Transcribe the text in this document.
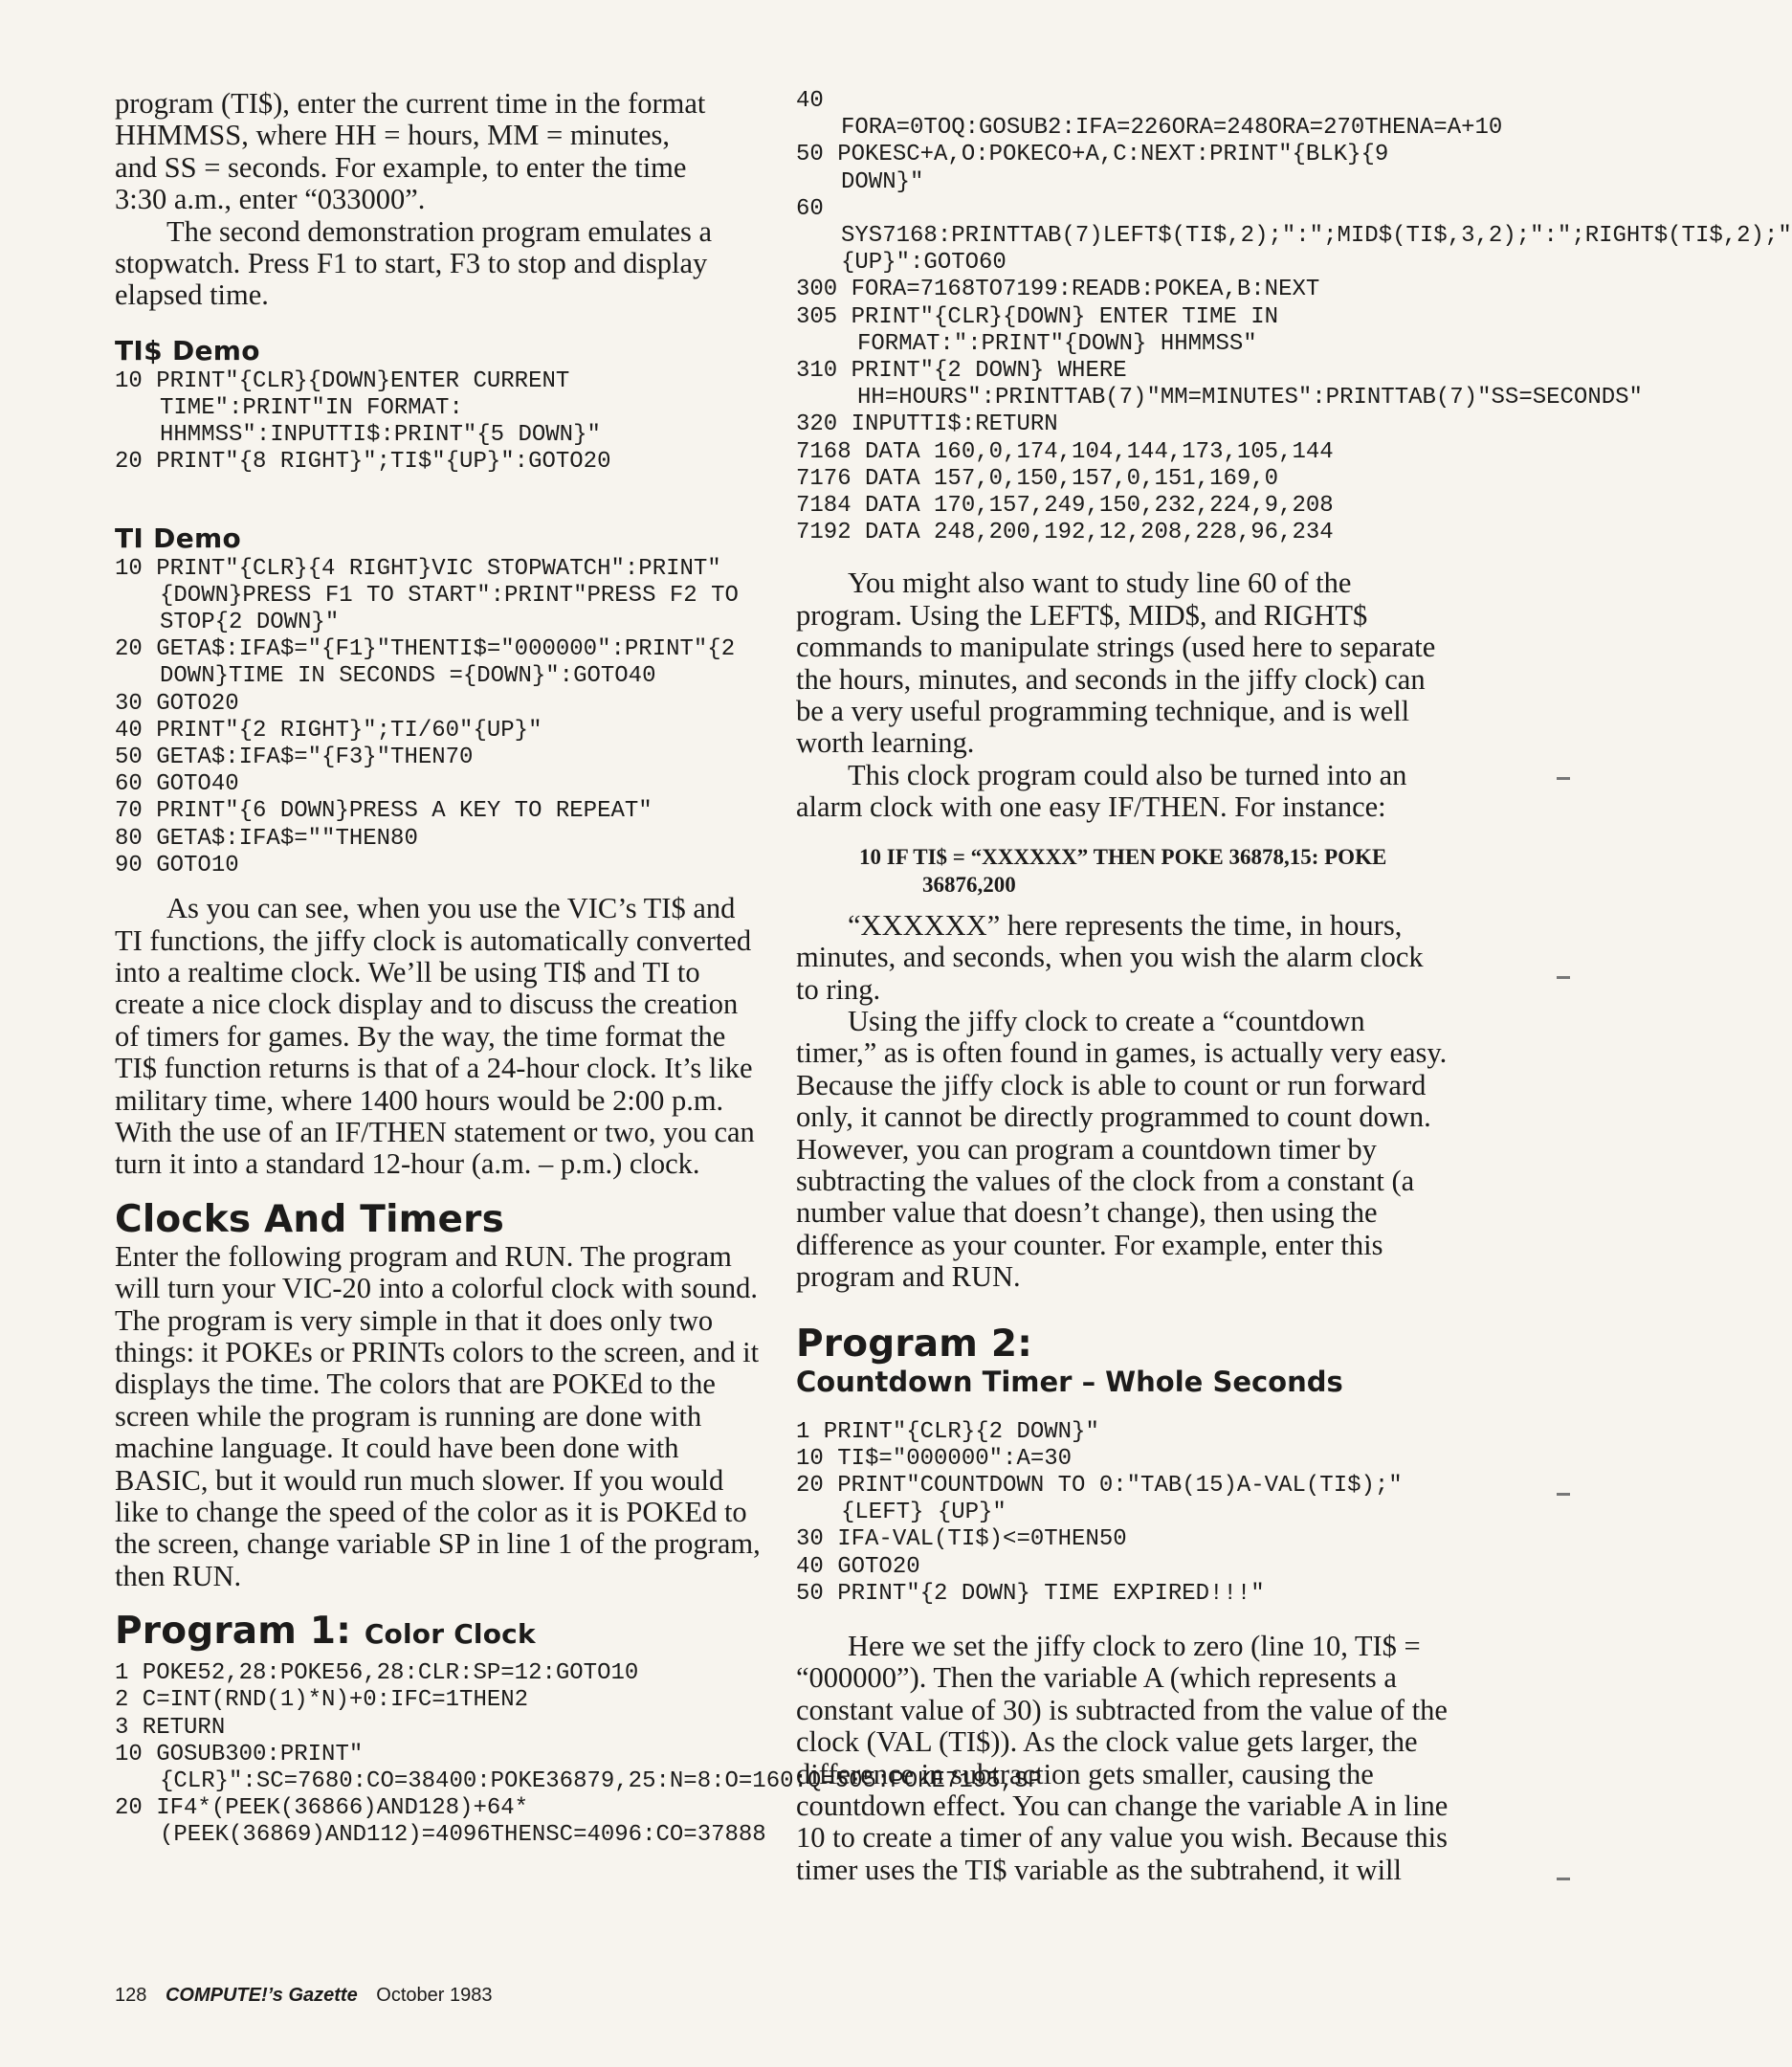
program (TI$), enter the current time in the format
HHMMSS, where HH = hours, MM = minutes,
and SS = seconds. For example, to enter the time
3:30 a.m., enter “033000”.

The second demonstration program emulates a stopwatch. Press F1 to start, F3 to stop and display elapsed time.

TI$ Demo
10 PRINT"{CLR}{DOWN}ENTER CURRENT TIME":PRINT"IN FORMAT: HHMMSS":INPUTTI$:PRINT"{5 DOWN}"
20 PRINT"{8 RIGHT}";TI$"{UP}":GOTO20
TI Demo
10 PRINT"{CLR}{4 RIGHT}VIC STOPWATCH":PRINT"{DOWN}PRESS F1 TO START":PRINT"PRESS F2 TO STOP{2 DOWN}"
20 GETA$:IFA$="{F1}"THENTI$="000000":PRINT"{2 DOWN}TIME IN SECONDS ={DOWN}":GOTO40
30 GOTO20
40 PRINT"{2 RIGHT}";TI/60"{UP}"
50 GETA$:IFA$="{F3}"THEN70
60 GOTO40
70 PRINT"{6 DOWN}PRESS A KEY TO REPEAT"
80 GETA$:IFA$=""THEN80
90 GOTO10

As you can see, when you use the VIC’s TI$ and TI functions, the jiffy clock is automatically converted into a realtime clock. We’ll be using TI$ and TI to create a nice clock display and to discuss the creation of timers for games. By the way, the time format the TI$ function returns is that of a 24-hour clock. It’s like military time, where 1400 hours would be 2:00 p.m. With the use of an IF/THEN statement or two, you can turn it into a standard 12-hour (a.m. – p.m.) clock.

Clocks And Timers

Enter the following program and RUN. The program will turn your VIC-20 into a colorful clock with sound. The program is very simple in that it does only two things: it POKEs or PRINTs colors to the screen, and it displays the time. The colors that are POKEd to the screen while the program is running are done with machine language. It could have been done with BASIC, but it would run much slower. If you would like to change the speed of the color as it is POKEd to the screen, change variable SP in line 1 of the program, then RUN.

Program 1: Color Clock
1 POKE52,28:POKE56,28:CLR:SP=12:GOTO10
2 C=INT(RND(1)*N)+0:IFC=1THEN2
3 RETURN
10 GOSUB300:PRINT"{CLR}":SC=7680:CO=38400:POKE36879,25:N=8:O=160:Q=505:POKE7195,SP
20 IF4*(PEEK(36866)AND128)+64*(PEEK(36869)AND112)=4096THENSC=4096:CO=37888
40 FORA=0TOQ:GOSUB2:IFA=226ORA=248ORA=270THENA=A+10
50 POKESC+A,O:POKECO+A,C:NEXT:PRINT"{BLK}{9 DOWN}"
60 SYS7168:PRINTTAB(7)LEFT$(TI$,2);":";MID$(TI$,3,2);":";RIGHT$(TI$,2);"{UP}":GOTO60
300 FORA=7168TO7199:READB:POKEA,B:NEXT
305 PRINT"{CLR}{DOWN} ENTER TIME IN FORMAT:":PRINT"{DOWN} HHMMSS"
310 PRINT"{2 DOWN} WHERE HH=HOURS":PRINTTAB(7)"MM=MINUTES":PRINTTAB(7)"SS=SECONDS"
320 INPUTTI$:RETURN
7168 DATA 160,0,174,104,144,173,105,144
7176 DATA 157,0,150,157,0,151,169,0
7184 DATA 170,157,249,150,232,224,9,208
7192 DATA 248,200,192,12,208,228,96,234

You might also want to study line 60 of the program. Using the LEFT$, MID$, and RIGHT$ commands to manipulate strings (used here to separate the hours, minutes, and seconds in the jiffy clock) can be a very useful programming technique, and is well worth learning.

This clock program could also be turned into an alarm clock with one easy IF/THEN. For instance:

10 IF TI$ = “XXXXXX” THEN POKE 36878,15: POKE 36876,200

“XXXXXX” here represents the time, in hours, minutes, and seconds, when you wish the alarm clock to ring.

Using the jiffy clock to create a “countdown timer,” as is often found in games, is actually very easy. Because the jiffy clock is able to count or run forward only, it cannot be directly programmed to count down. However, you can program a countdown timer by subtracting the values of the clock from a constant (a number value that doesn’t change), then using the difference as your counter. For example, enter this program and RUN.

Program 2:
Countdown Timer – Whole Seconds
1 PRINT"{CLR}{2 DOWN}"
10 TI$="000000":A=30
20 PRINT"COUNTDOWN TO 0:"TAB(15)A-VAL(TI$);"{LEFT} {UP}"
30 IFA-VAL(TI$)<=0THEN50
40 GOTO20
50 PRINT"{2 DOWN} TIME EXPIRED!!!"

Here we set the jiffy clock to zero (line 10, TI$ = “000000”). Then the variable A (which represents a constant value of 30) is subtracted from the value of the clock (VAL (TI$)). As the clock value gets larger, the difference in subtraction gets smaller, causing the countdown effect. You can change the variable A in line 10 to create a timer of any value you wish. Because this timer uses the TI$ variable as the subtrahend, it will

128 COMPUTE!’s Gazette October 1983
